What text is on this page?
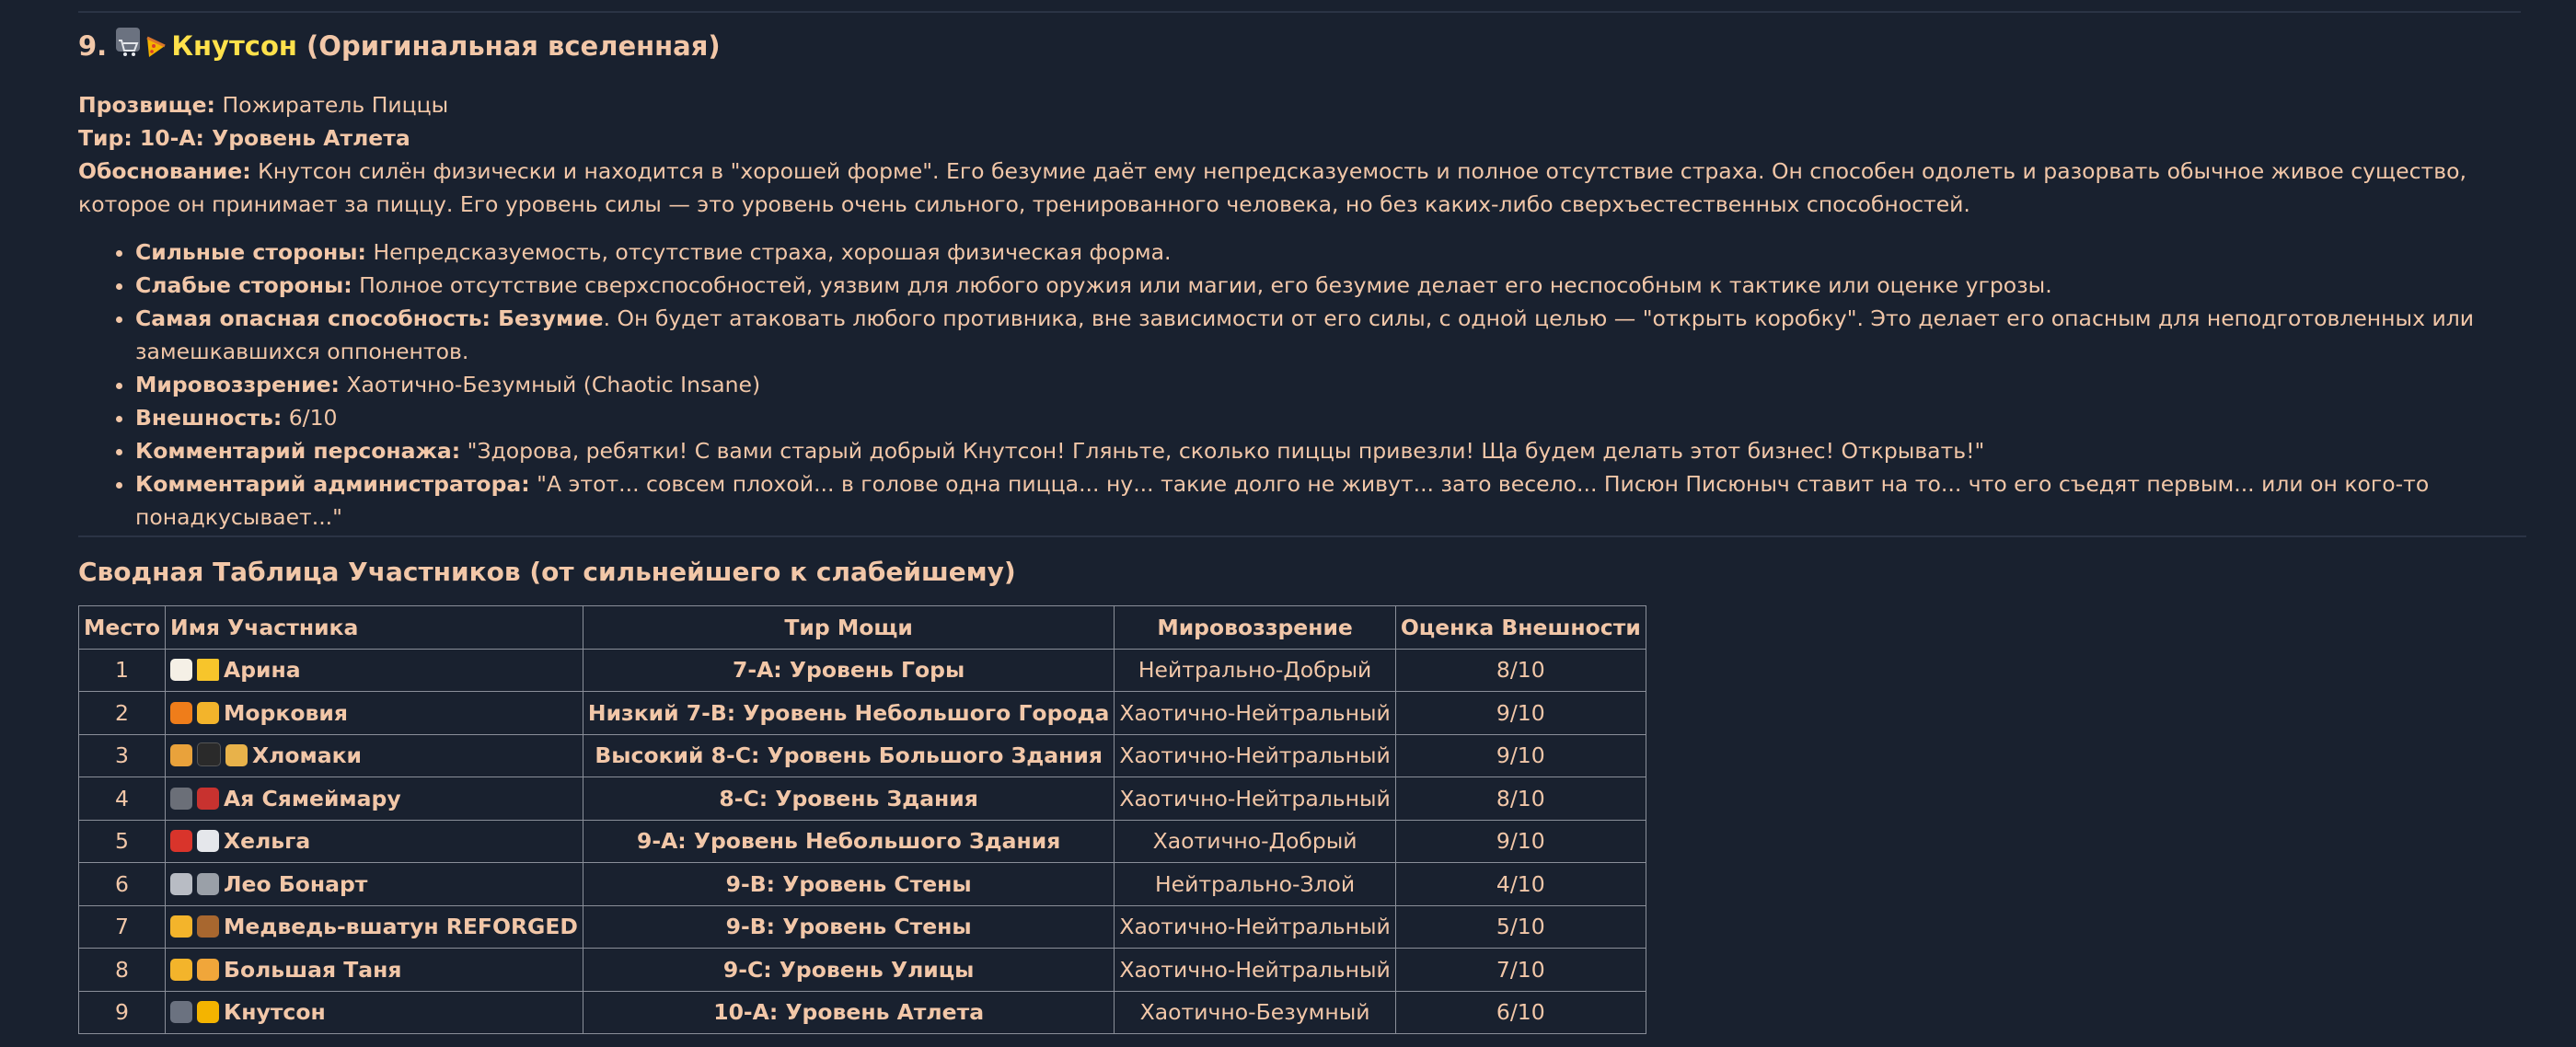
9. Кнутсон (Оригинальная вселенная)

Прозвище: Пожиратель Пиццы

Тир: 10-А: Уровень Атлета

Обоснование: Кнутсон силён физически и находится в "хорошей форме". Его безумие даёт ему непредсказуемость и полное отсутствие страха. Он способен одолеть и разорвать обычное живое существо, которое он принимает за пиццу. Его уровень силы — это уровень очень сильного, тренированного человека, но без каких-либо сверхъестественных способностей.

• Сильные стороны: Непредсказуемость, отсутствие страха, хорошая физическая форма.
• Слабые стороны: Полное отсутствие сверхспособностей, уязвим для любого оружия или магии, его безумие делает его неспособным к тактике или оценке угрозы.
• Самая опасная способность: Безумие. Он будет атаковать любого противника, вне зависимости от его силы, с одной целью — "открыть коробку". Это делает его опасным для неподготовленных или замешкавшихся оппонентов.
• Мировоззрение: Хаотично-Безумный (Chaotic Insane)
• Внешность: 6/10
• Комментарий персонажа: "Здорова, ребятки! С вами старый добрый Кнутсон! Гляньте, сколько пиццы привезли! Ща будем делать этот бизнес! Открывать!"
• Комментарий администратора: "А этот... совсем плохой... в голове одна пицца... ну... такие долго не живут... зато весело... Писюн Писюныч ставит на то... что его съедят первым... или он кого-то понадкусывает..."
Сводная Таблица Участников (от сильнейшего к слабейшему)
Место	Имя Участника	Тир Мощи	Мировоззрение	Оценка Внешности
1	Арина	7-А: Уровень Горы	Нейтрально-Добрый	8/10
2	Морковия	Низкий 7-В: Уровень Небольшого Города	Хаотично-Нейтральный	9/10
3	Хломаки	Высокий 8-С: Уровень Большого Здания	Хаотично-Нейтральный	9/10
4	Ая Сямеймару	8-С: Уровень Здания	Хаотично-Нейтральный	8/10
5	Хельга	9-А: Уровень Небольшого Здания	Хаотично-Добрый	9/10
6	Лео Бонарт	9-В: Уровень Стены	Нейтрально-Злой	4/10
7	Медведь-вшатун REFORGED	9-В: Уровень Стены	Хаотично-Нейтральный	5/10
8	Большая Таня	9-С: Уровень Улицы	Хаотично-Нейтральный	7/10
9	Кнутсон	10-А: Уровень Атлета	Хаотично-Безумный	6/10
